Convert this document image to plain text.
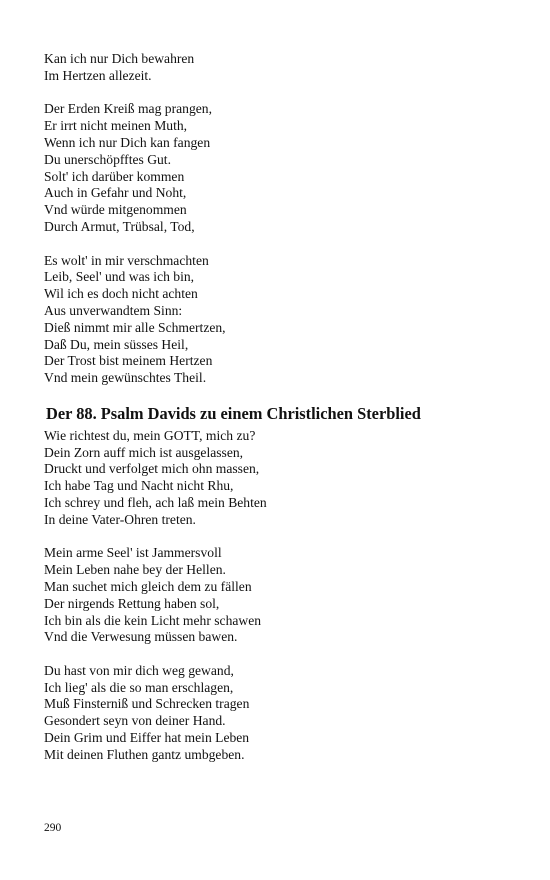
Kan ich nur Dich bewahren
Im Hertzen allezeit.
Der Erden Kreiß mag prangen,
Er irrt nicht meinen Muth,
Wenn ich nur Dich kan fangen
Du unerschöpfftes Gut.
Solt' ich darüber kommen
Auch in Gefahr und Noht,
Vnd würde mitgenommen
Durch Armut, Trübsal, Tod,
Es wolt' in mir verschmachten
Leib, Seel' und was ich bin,
Wil ich es doch nicht achten
Aus unverwandtem Sinn:
Dieß nimmt mir alle Schmertzen,
Daß Du, mein süsses Heil,
Der Trost bist meinem Hertzen
Vnd mein gewünschtes Theil.
Der 88. Psalm Davids zu einem Christlichen Sterblied
Wie richtest du, mein GOTT, mich zu?
Dein Zorn auff mich ist ausgelassen,
Druckt und verfolget mich ohn massen,
Ich habe Tag und Nacht nicht Rhu,
Ich schrey und fleh, ach laß mein Behten
In deine Vater-Ohren treten.
Mein arme Seel' ist Jammersvoll
Mein Leben nahe bey der Hellen.
Man suchet mich gleich dem zu fällen
Der nirgends Rettung haben sol,
Ich bin als die kein Licht mehr schawen
Vnd die Verwesung müssen bawen.
Du hast von mir dich weg gewand,
Ich lieg' als die so man erschlagen,
Muß Finsterniß und Schrecken tragen
Gesondert seyn von deiner Hand.
Dein Grim und Eiffer hat mein Leben
Mit deinen Fluthen gantz umbgeben.
290
